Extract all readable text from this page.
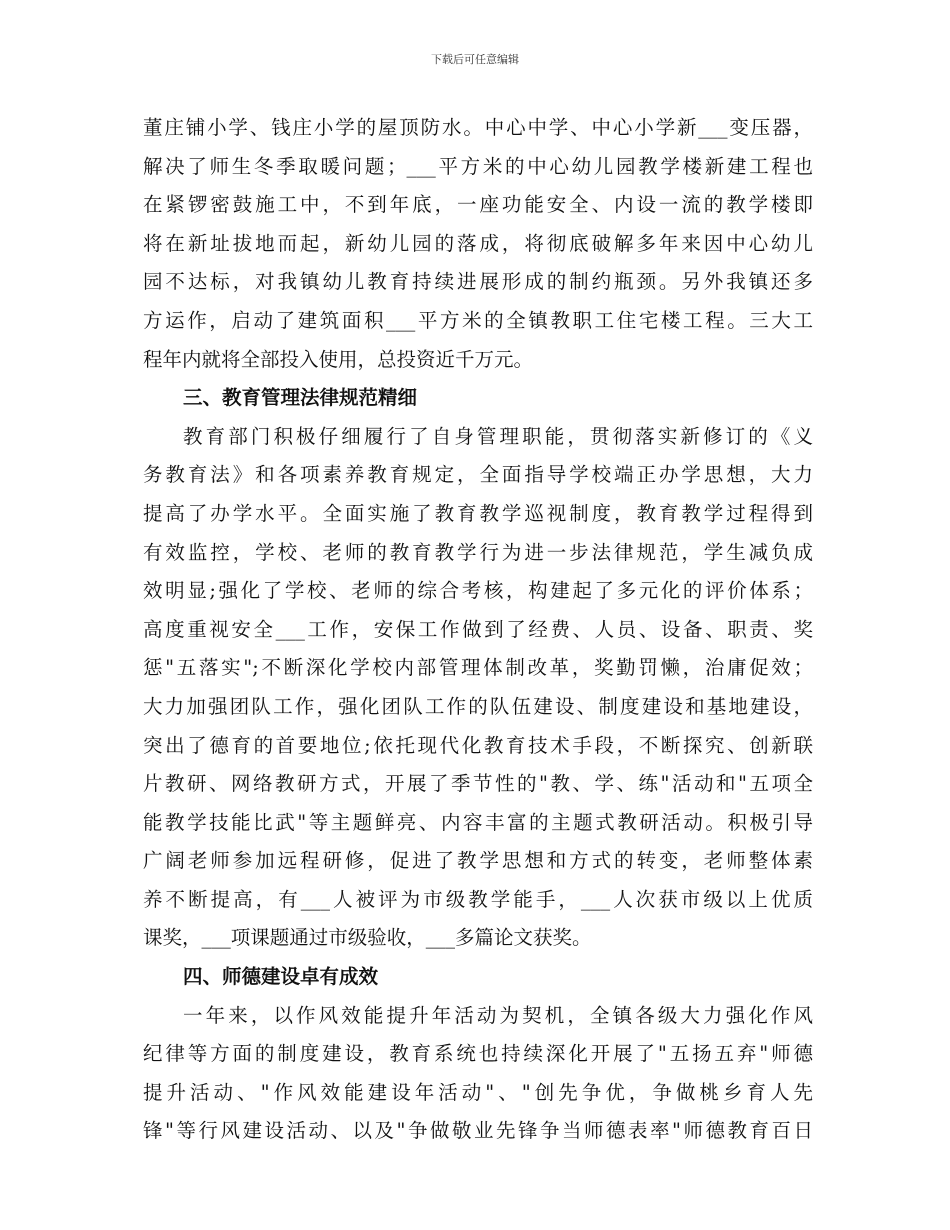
下载后可任意编辑
董庄铺小学、钱庄小学的屋顶防水。中心中学、中心小学新___变压器，
解决了师生冬季取暖问题；___平方米的中心幼儿园教学楼新建工程也
在紧锣密鼓施工中，不到年底，一座功能安全、内设一流的教学楼即
将在新址拔地而起，新幼儿园的落成，将彻底破解多年来因中心幼儿
园不达标，对我镇幼儿教育持续进展形成的制约瓶颈。另外我镇还多
方运作，启动了建筑面积___平方米的全镇教职工住宅楼工程。三大工
程年内就将全部投入使用，总投资近千万元。
三、教育管理法律规范精细
教育部门积极仔细履行了自身管理职能，贯彻落实新修订的《义
务教育法》和各项素养教育规定，全面指导学校端正办学思想，大力
提高了办学水平。全面实施了教育教学巡视制度，教育教学过程得到
有效监控，学校、老师的教育教学行为进一步法律规范，学生减负成
效明显;强化了学校、老师的综合考核，构建起了多元化的评价体系；
高度重视安全___工作，安保工作做到了经费、人员、设备、职责、奖
惩"五落实";不断深化学校内部管理体制改革，奖勤罚懒，治庸促效；
大力加强团队工作，强化团队工作的队伍建设、制度建设和基地建设，
突出了德育的首要地位;依托现代化教育技术手段，不断探究、创新联
片教研、网络教研方式，开展了季节性的"教、学、练"活动和"五项全
能教学技能比武"等主题鲜亮、内容丰富的主题式教研活动。积极引导
广阔老师参加远程研修，促进了教学思想和方式的转变，老师整体素
养不断提高，有___人被评为市级教学能手，___人次获市级以上优质
课奖，___项课题通过市级验收，___多篇论文获奖。
四、师德建设卓有成效
一年来，以作风效能提升年活动为契机，全镇各级大力强化作风
纪律等方面的制度建设，教育系统也持续深化开展了"五扬五弃"师德
提升活动、"作风效能建设年活动"、"创先争优，争做桃乡育人先
锋"等行风建设活动、以及"争做敬业先锋争当师德表率"师德教育百日
